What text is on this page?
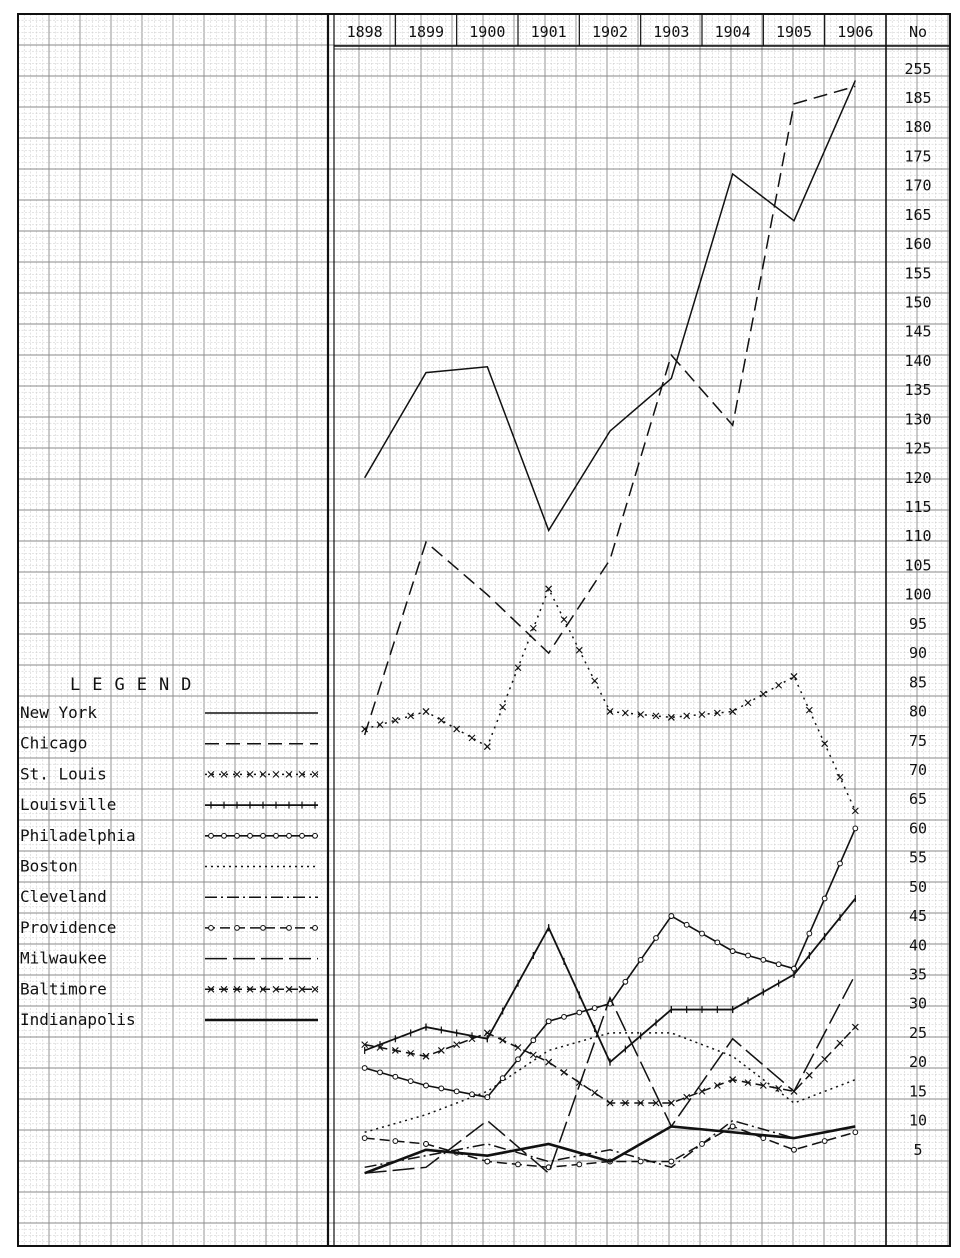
1898 1899 1900 1901 1902 1903 1904 1905 1906 No
5
10
15
20
25
30
35
40
45
50
55
60
65
70
75
80
85
90
95
100
105
110
115
120
125
130
135
140
145
150
155
160
165
170
175
180
185
255
LEGEND
New York
Chicago
St. Louis
Louisville
Philadelphia
Boston
Cleveland
Providence
Milwaukee
Baltimore
Indianapolis
